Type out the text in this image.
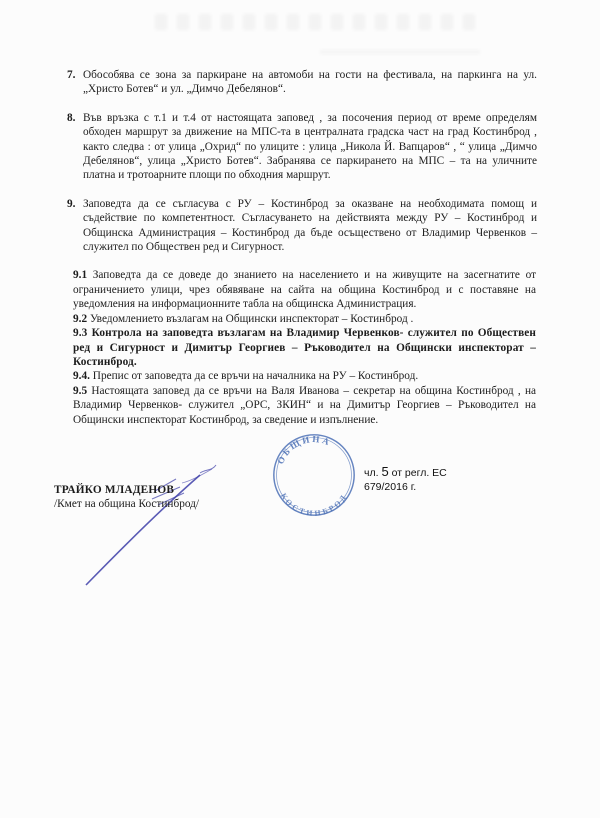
7. Обособява се зона за паркиране на автомоби на гости на фестивала, на паркинга на ул. „Христо Ботев“ и ул. „Димчо Дебелянов“.
8. Във връзка с т.1 и т.4 от настоящата заповед , за посочения период от време определям обходен маршрут за движение на МПС-та в централната градска част на град Костинброд , както следва : от улица „Охрид“ по улиците : улица „Никола Й. Вапцаров“ , “ улица „Димчо Дебелянов“, улица „Христо Ботев“. Забранява се паркирането на МПС – та на уличните платна и тротоарните площи по обходния маршрут.
9. Заповедта да се съгласува с РУ – Костинброд за оказване на необходимата помощ и съдействие по компетентност. Съгласуването на действията между РУ – Костинброд и Общинска Администрация – Костинброд да бъде осъществено от Владимир Червенков – служител по Обществен ред и Сигурност.

9.1 Заповедта да се доведе до знанието на населението и на живущите на засегнатите от ограничението улици, чрез обявяване на сайта на община Костинброд и с поставяне на уведомления на информационните табла на общинска Администрация.

9.2 Уведомлението възлагам на Общински инспекторат – Костинброд .

9.3 Контрола на заповедта възлагам на Владимир Червенков- служител по Обществен ред и Сигурност и Димитър Георгиев – Ръководител на Общински инспекторат – Костинброд.

9.4. Препис от заповедта да се връчи на началника на РУ – Костинброд.

9.5 Настоящата заповед да се връчи на Валя Иванова – секретар на община Костинброд , на Владимир Червенков- служител „ОРС, ЗКИН“ и на Димитър Георгиев – Ръководител на Общински инспекторат Костинброд, за сведение и изпълнение.

ОБЩИНА
КОСТИНБРОД
чл. 5 от регл. ЕС
679/2016 г.
ТРАЙКО МЛАДЕНОВ
/Кмет на община Костинброд/
